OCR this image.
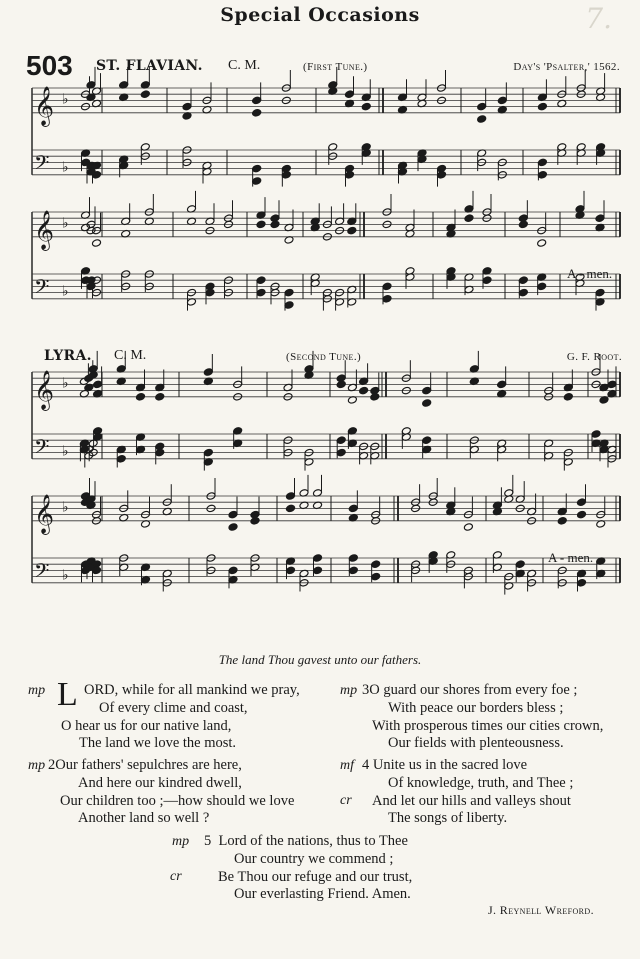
Special Occasions	7.
503 ST. FLAVIAN. C. M.	(First Tune.)	Day's 'Psalter,' 1562.
LYRA. C. M.	(Second Tune.)	G. F. Root.
𝄞 ♭
𝄢 ♭
𝄞 ♭
𝄢 ♭
𝄞 ♭
𝄢 ♭
𝄞 ♭
𝄢 ♭
A - men.
A - men.
The land Thou gavest unto our fathers.
mp L ORD, while for all mankind we pray,
Of every clime and coast,
O hear us for our native land,
The land we love the most.
mp 2Our fathers' sepulchres are here,
And here our kindred dwell,
Our children too ;—how should we love
Another land so well ?
mp 3O guard our shores from every foe ;
With peace our borders bless ;
With prosperous times our cities crown,
Our fields with plenteousness.
mf
cr
4 Unite us in the sacred love
Of knowledge, truth, and Thee ;
And let our hills and valleys shout
The songs of liberty.
mp
cr
5 Lord of the nations, thus to Thee
Our country we commend ;
Be Thou our refuge and our trust,
Our everlasting Friend. Amen.
J. Reynell Wreford.
